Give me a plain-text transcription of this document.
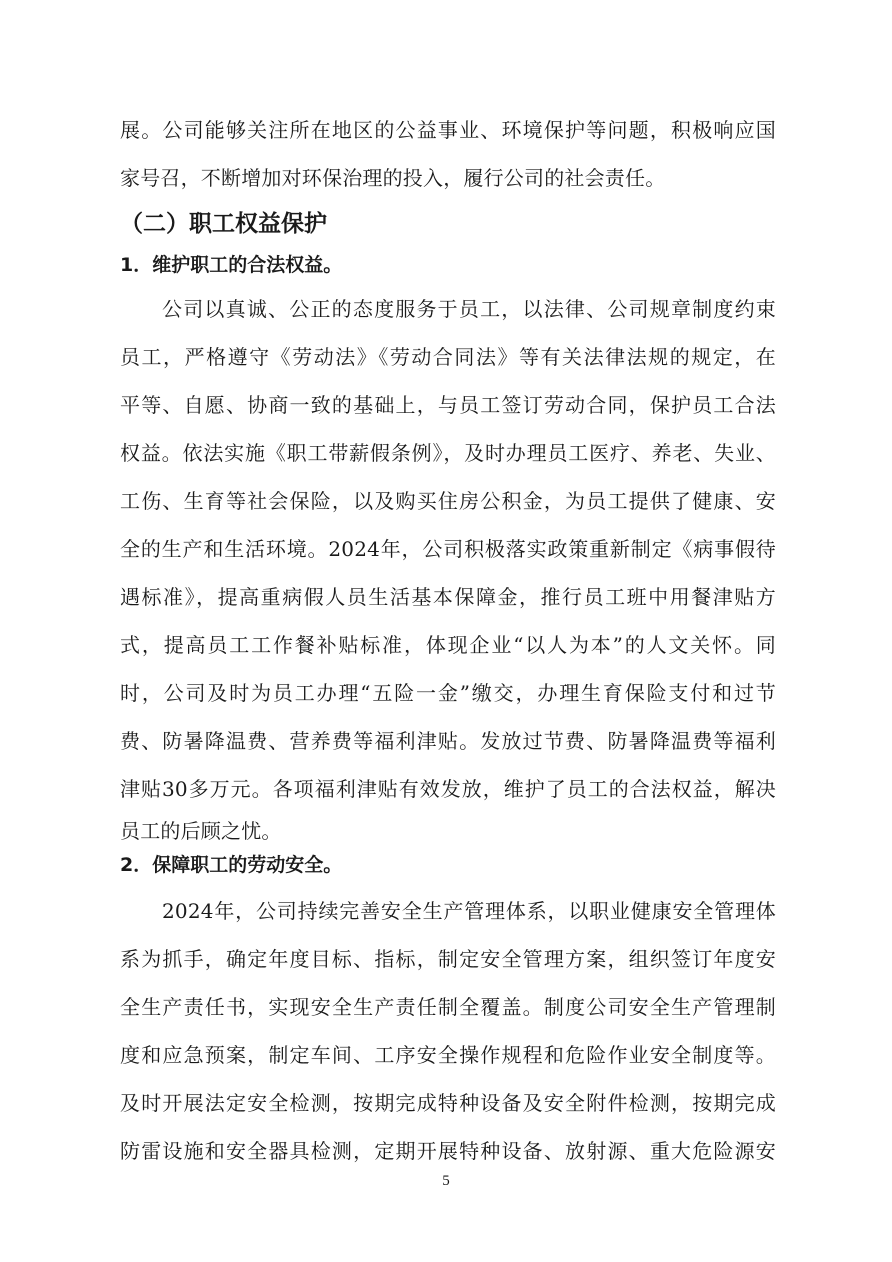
展。公司能够关注所在地区的公益事业、环境保护等问题，积极响应国
家号召，不断增加对环保治理的投入，履行公司的社会责任。
（二）职工权益保护
1．维护职工的合法权益。
公司以真诚、公正的态度服务于员工，以法律、公司规章制度约束
员工，严格遵守《劳动法》《劳动合同法》等有关法律法规的规定，在
平等、自愿、协商一致的基础上，与员工签订劳动合同，保护员工合法
权益。依法实施《职工带薪假条例》，及时办理员工医疗、养老、失业、
工伤、生育等社会保险，以及购买住房公积金，为员工提供了健康、安
全的生产和生活环境。2024年，公司积极落实政策重新制定《病事假待
遇标准》，提高重病假人员生活基本保障金，推行员工班中用餐津贴方
式，提高员工工作餐补贴标准，体现企业“以人为本”的人文关怀。同
时，公司及时为员工办理“五险一金”缴交，办理生育保险支付和过节
费、防暑降温费、营养费等福利津贴。发放过节费、防暑降温费等福利
津贴30多万元。各项福利津贴有效发放，维护了员工的合法权益，解决
员工的后顾之忧。
2．保障职工的劳动安全。
2024年，公司持续完善安全生产管理体系，以职业健康安全管理体
系为抓手，确定年度目标、指标，制定安全管理方案，组织签订年度安
全生产责任书，实现安全生产责任制全覆盖。制度公司安全生产管理制
度和应急预案，制定车间、工序安全操作规程和危险作业安全制度等。
及时开展法定安全检测，按期完成特种设备及安全附件检测，按期完成
防雷设施和安全器具检测，定期开展特种设备、放射源、重大危险源安
5
